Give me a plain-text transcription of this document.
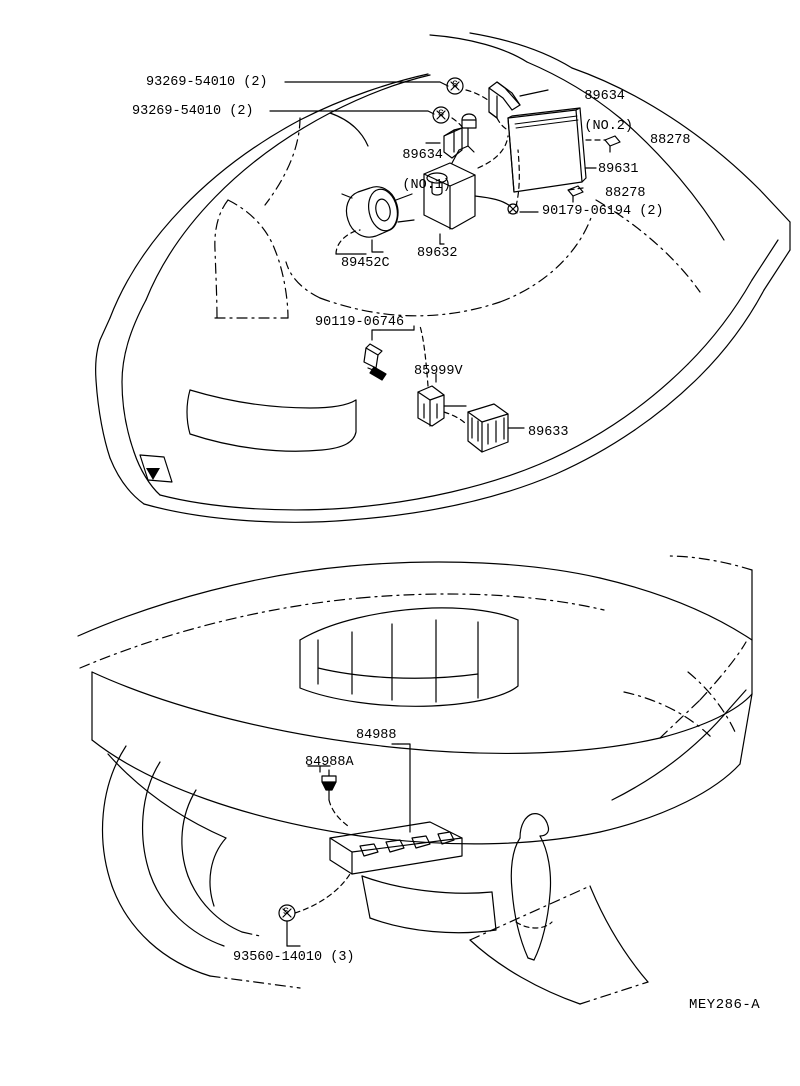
93269-54010 (2)
93269-54010 (2)

89634

(NO.1)

89634

(NO.2)

88278
89631
88278
90179-06194 (2)
89452C
89632
90119-06746
85999V
89633
84988
84988A
93560-14010 (3)
S
S
S
MEY286-A
